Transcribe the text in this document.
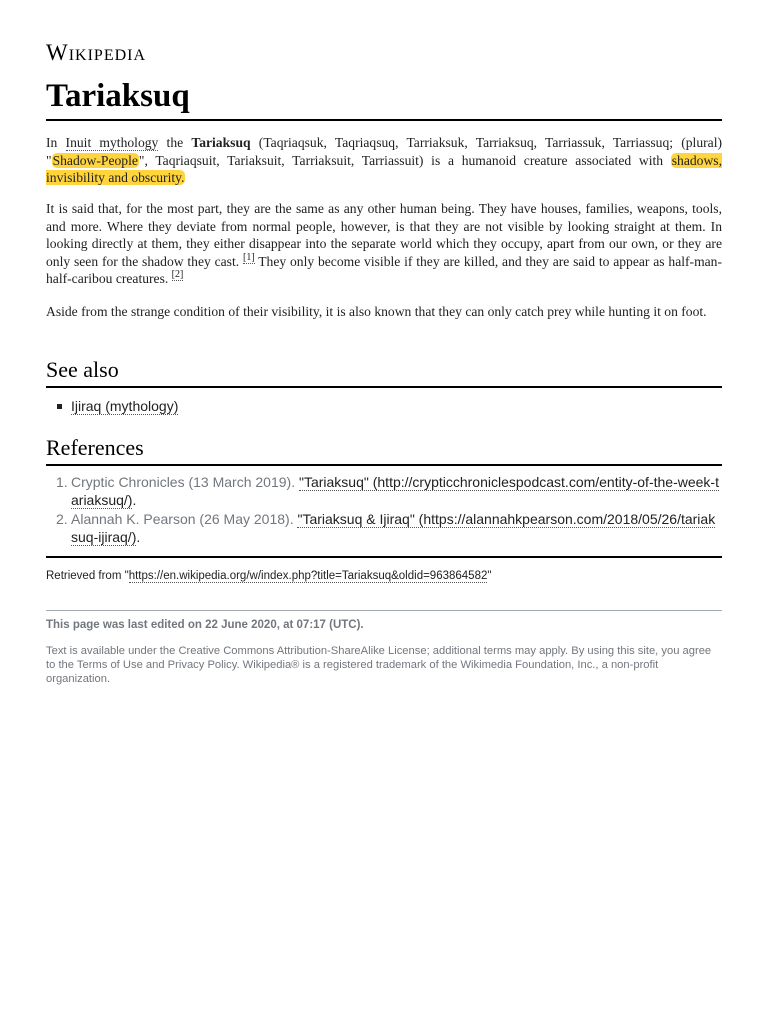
Wikipedia
Tariaksuq

In Inuit mythology the Tariaksuq (Taqriaqsuk, Taqriaqsuq, Tarriaksuk, Tarriaksuq, Tarriassuk, Tarriassuq; (plural) "Shadow-People", Taqriaqsuit, Tariaksuit, Tarriaksuit, Tarriassuit) is a humanoid creature associated with shadows, invisibility and obscurity.

It is said that, for the most part, they are the same as any other human being. They have houses, families, weapons, tools, and more. Where they deviate from normal people, however, is that they are not visible by looking straight at them. In looking directly at them, they either disappear into the separate world which they occupy, apart from our own, or they are only seen for the shadow they cast. [1] They only become visible if they are killed, and they are said to appear as half-man-half-caribou creatures. [2]

Aside from the strange condition of their visibility, it is also known that they can only catch prey while hunting it on foot.

See also
Ijiraq (mythology)
References
1. Cryptic Chronicles (13 March 2019). "Tariaksuq" (http://crypticchroniclespodcast.com/entity-of-the-week-tariaksuq/).
2. Alannah K. Pearson (26 May 2018). "Tariaksuq & Ijiraq" (https://alannahkpearson.com/2018/05/26/tariaksuq-ijiraq/).
Retrieved from "https://en.wikipedia.org/w/index.php?title=Tariaksuq&oldid=963864582"
This page was last edited on 22 June 2020, at 07:17 (UTC).
Text is available under the Creative Commons Attribution-ShareAlike License; additional terms may apply. By using this site, you agree to the Terms of Use and Privacy Policy. Wikipedia® is a registered trademark of the Wikimedia Foundation, Inc., a non-profit organization.
